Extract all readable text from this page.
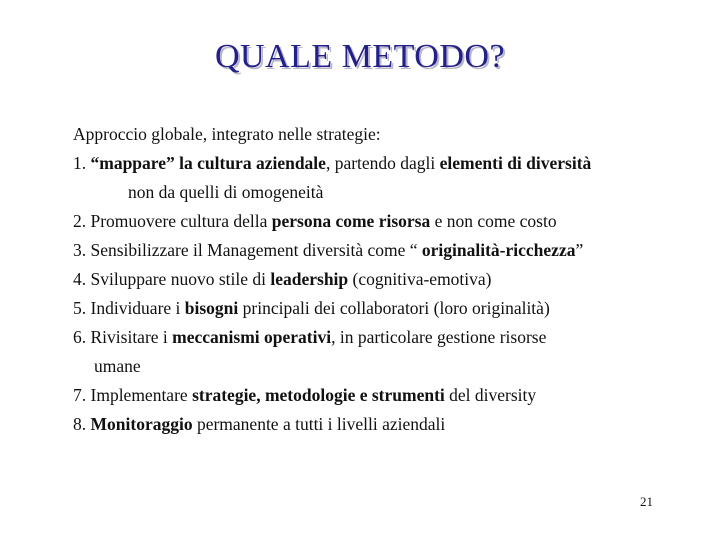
QUALE METODO?
Approccio globale, integrato nelle strategie:
1. “mappare” la cultura aziendale, partendo dagli elementi di diversità
non da quelli di omogeneità
2. Promuovere cultura della persona come risorsa e non come costo
3. Sensibilizzare il Management diversità come “ originalità-ricchezza”
4. Sviluppare nuovo stile di leadership (cognitiva-emotiva)
5. Individuare i bisogni principali dei collaboratori (loro originalità)
6. Rivisitare i meccanismi operativi, in particolare gestione risorse
umane
7. Implementare strategie, metodologie e strumenti del diversity
8. Monitoraggio permanente a tutti i livelli aziendali
21
